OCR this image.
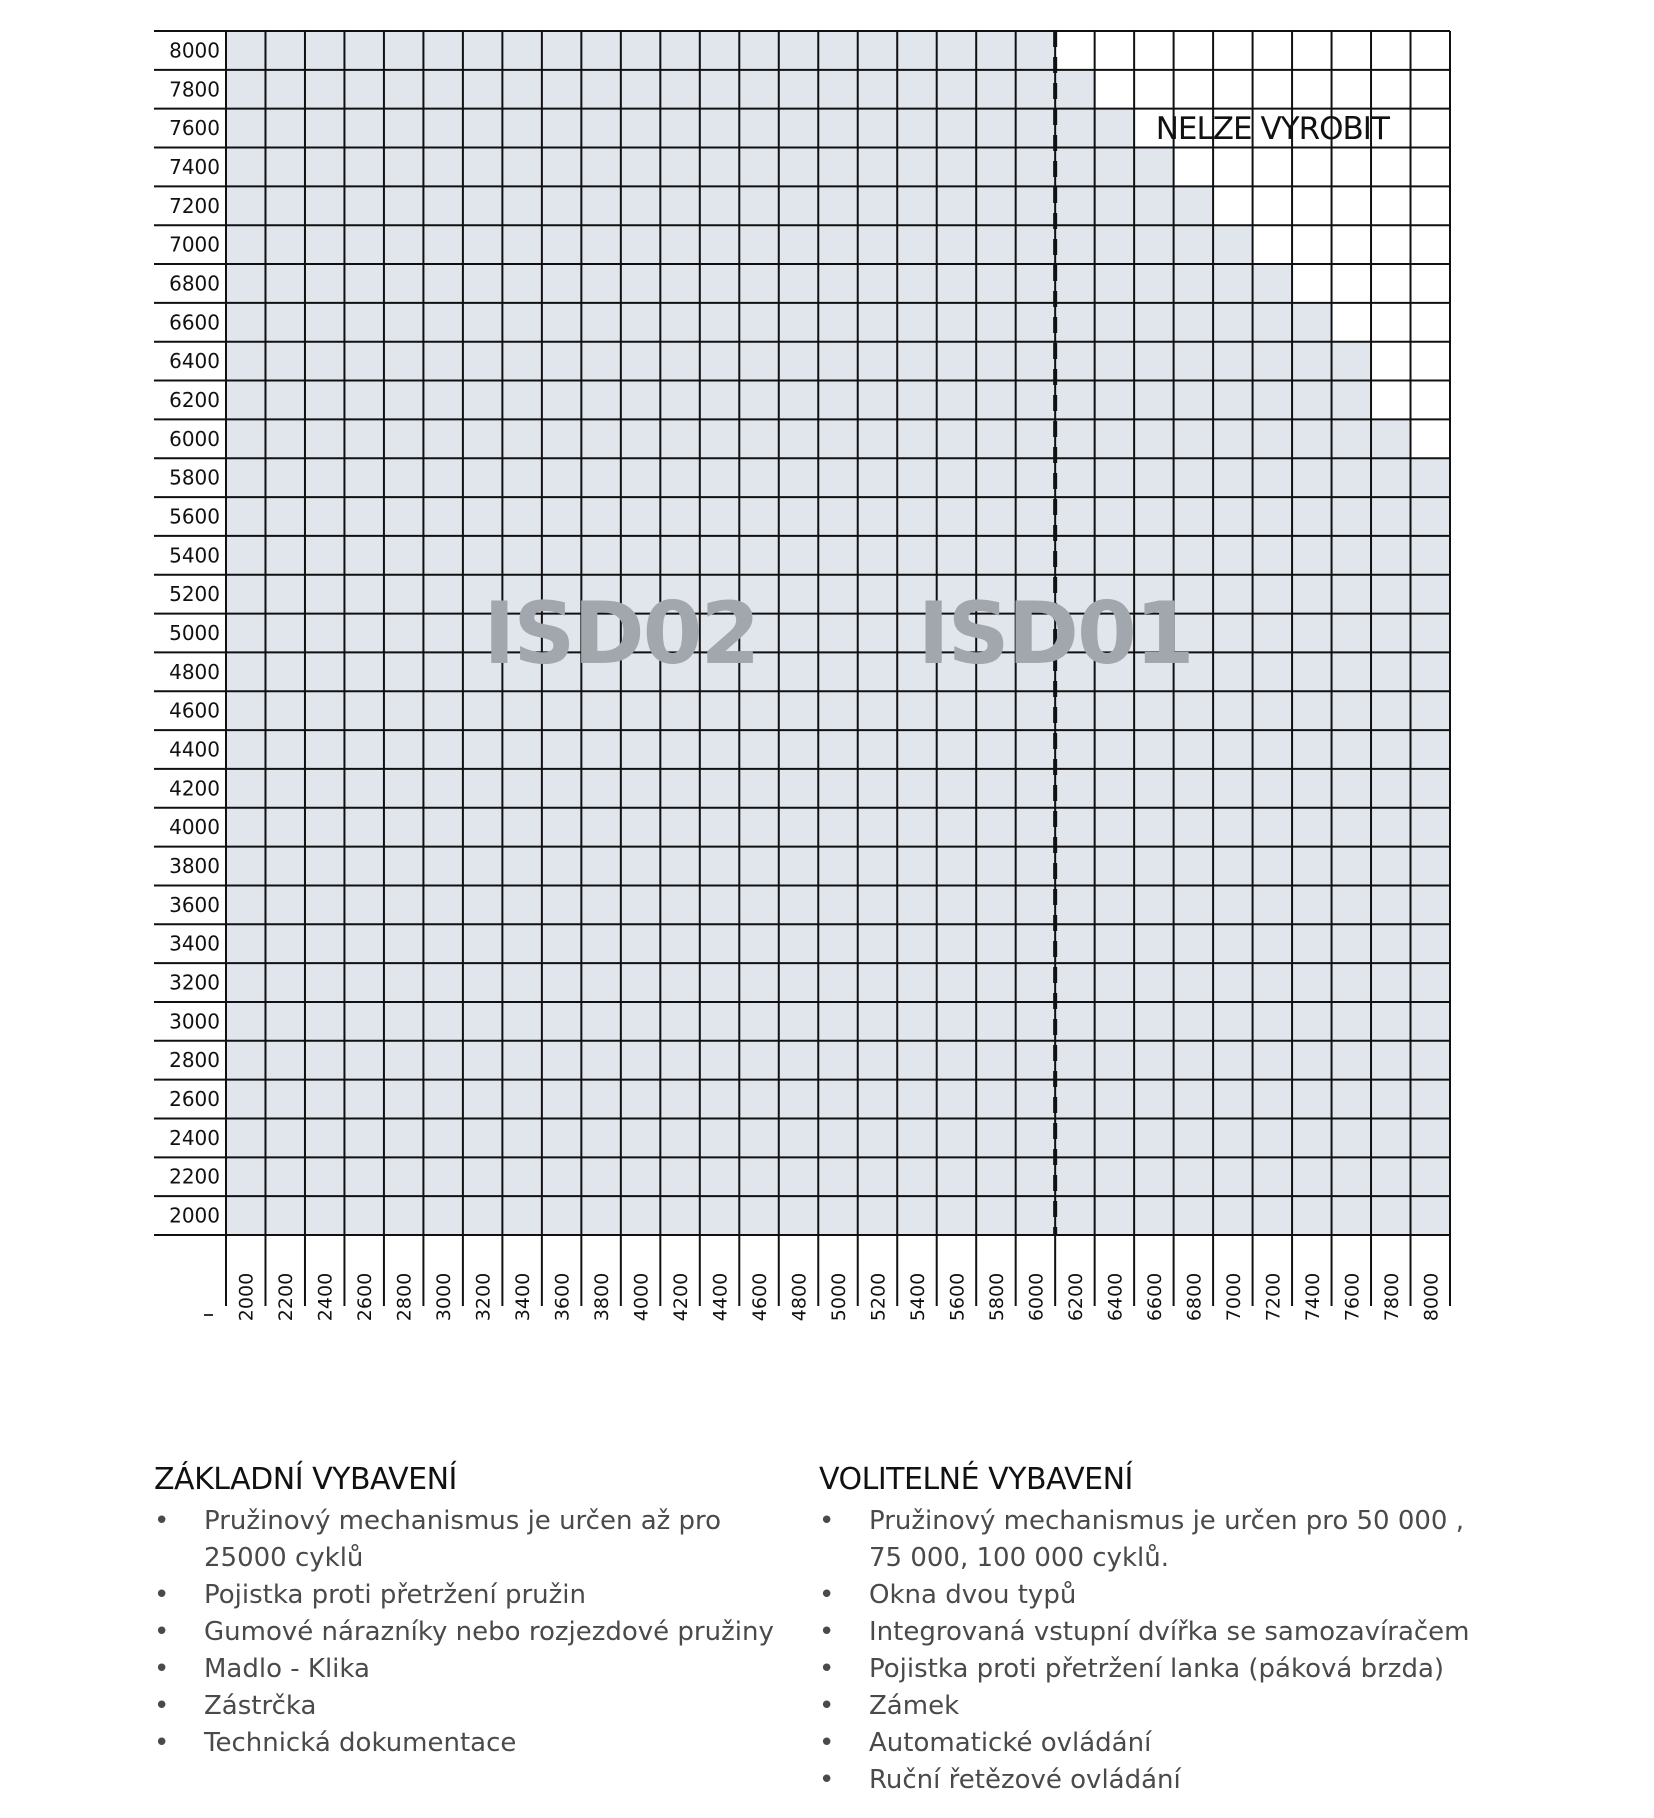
2000
2200
2400
2600
2800
3000
3200
3400
3600
3800
4000
4200
4400
4600
4800
5000
5200
5400
5600
5800
6000
6200
6400
6600
6800
7000
7200
7400
7600
7800
8000
2000 2200 2400 2600 2800 3000 3200 3400 3600 3800 4000 4200 4400 4600 4800 5000 5200 5400 5600 5800 6000 6200 6400 6600 6800 7000 7200 7400 7600 7800 8000
ISD02 ISD01
NELZE VYROBIT
ZÁKLADNÍ VYBAVENÍ
• Pružinový mechanismus je určen až pro
25000 cyklů
• Pojistka proti přetržení pružin
• Gumové nárazníky nebo rozjezdové pružiny
• Madlo - Klika
• Zástrčka
• Technická dokumentace
VOLITELNÉ VYBAVENÍ
• Pružinový mechanismus je určen pro 50 000 ,
75 000, 100 000 cyklů.
• Okna dvou typů
• Integrovaná vstupní dvířka se samozavíračem
• Pojistka proti přetržení lanka (páková brzda)
• Zámek
• Automatické ovládání
• Ruční řetězové ovládání
